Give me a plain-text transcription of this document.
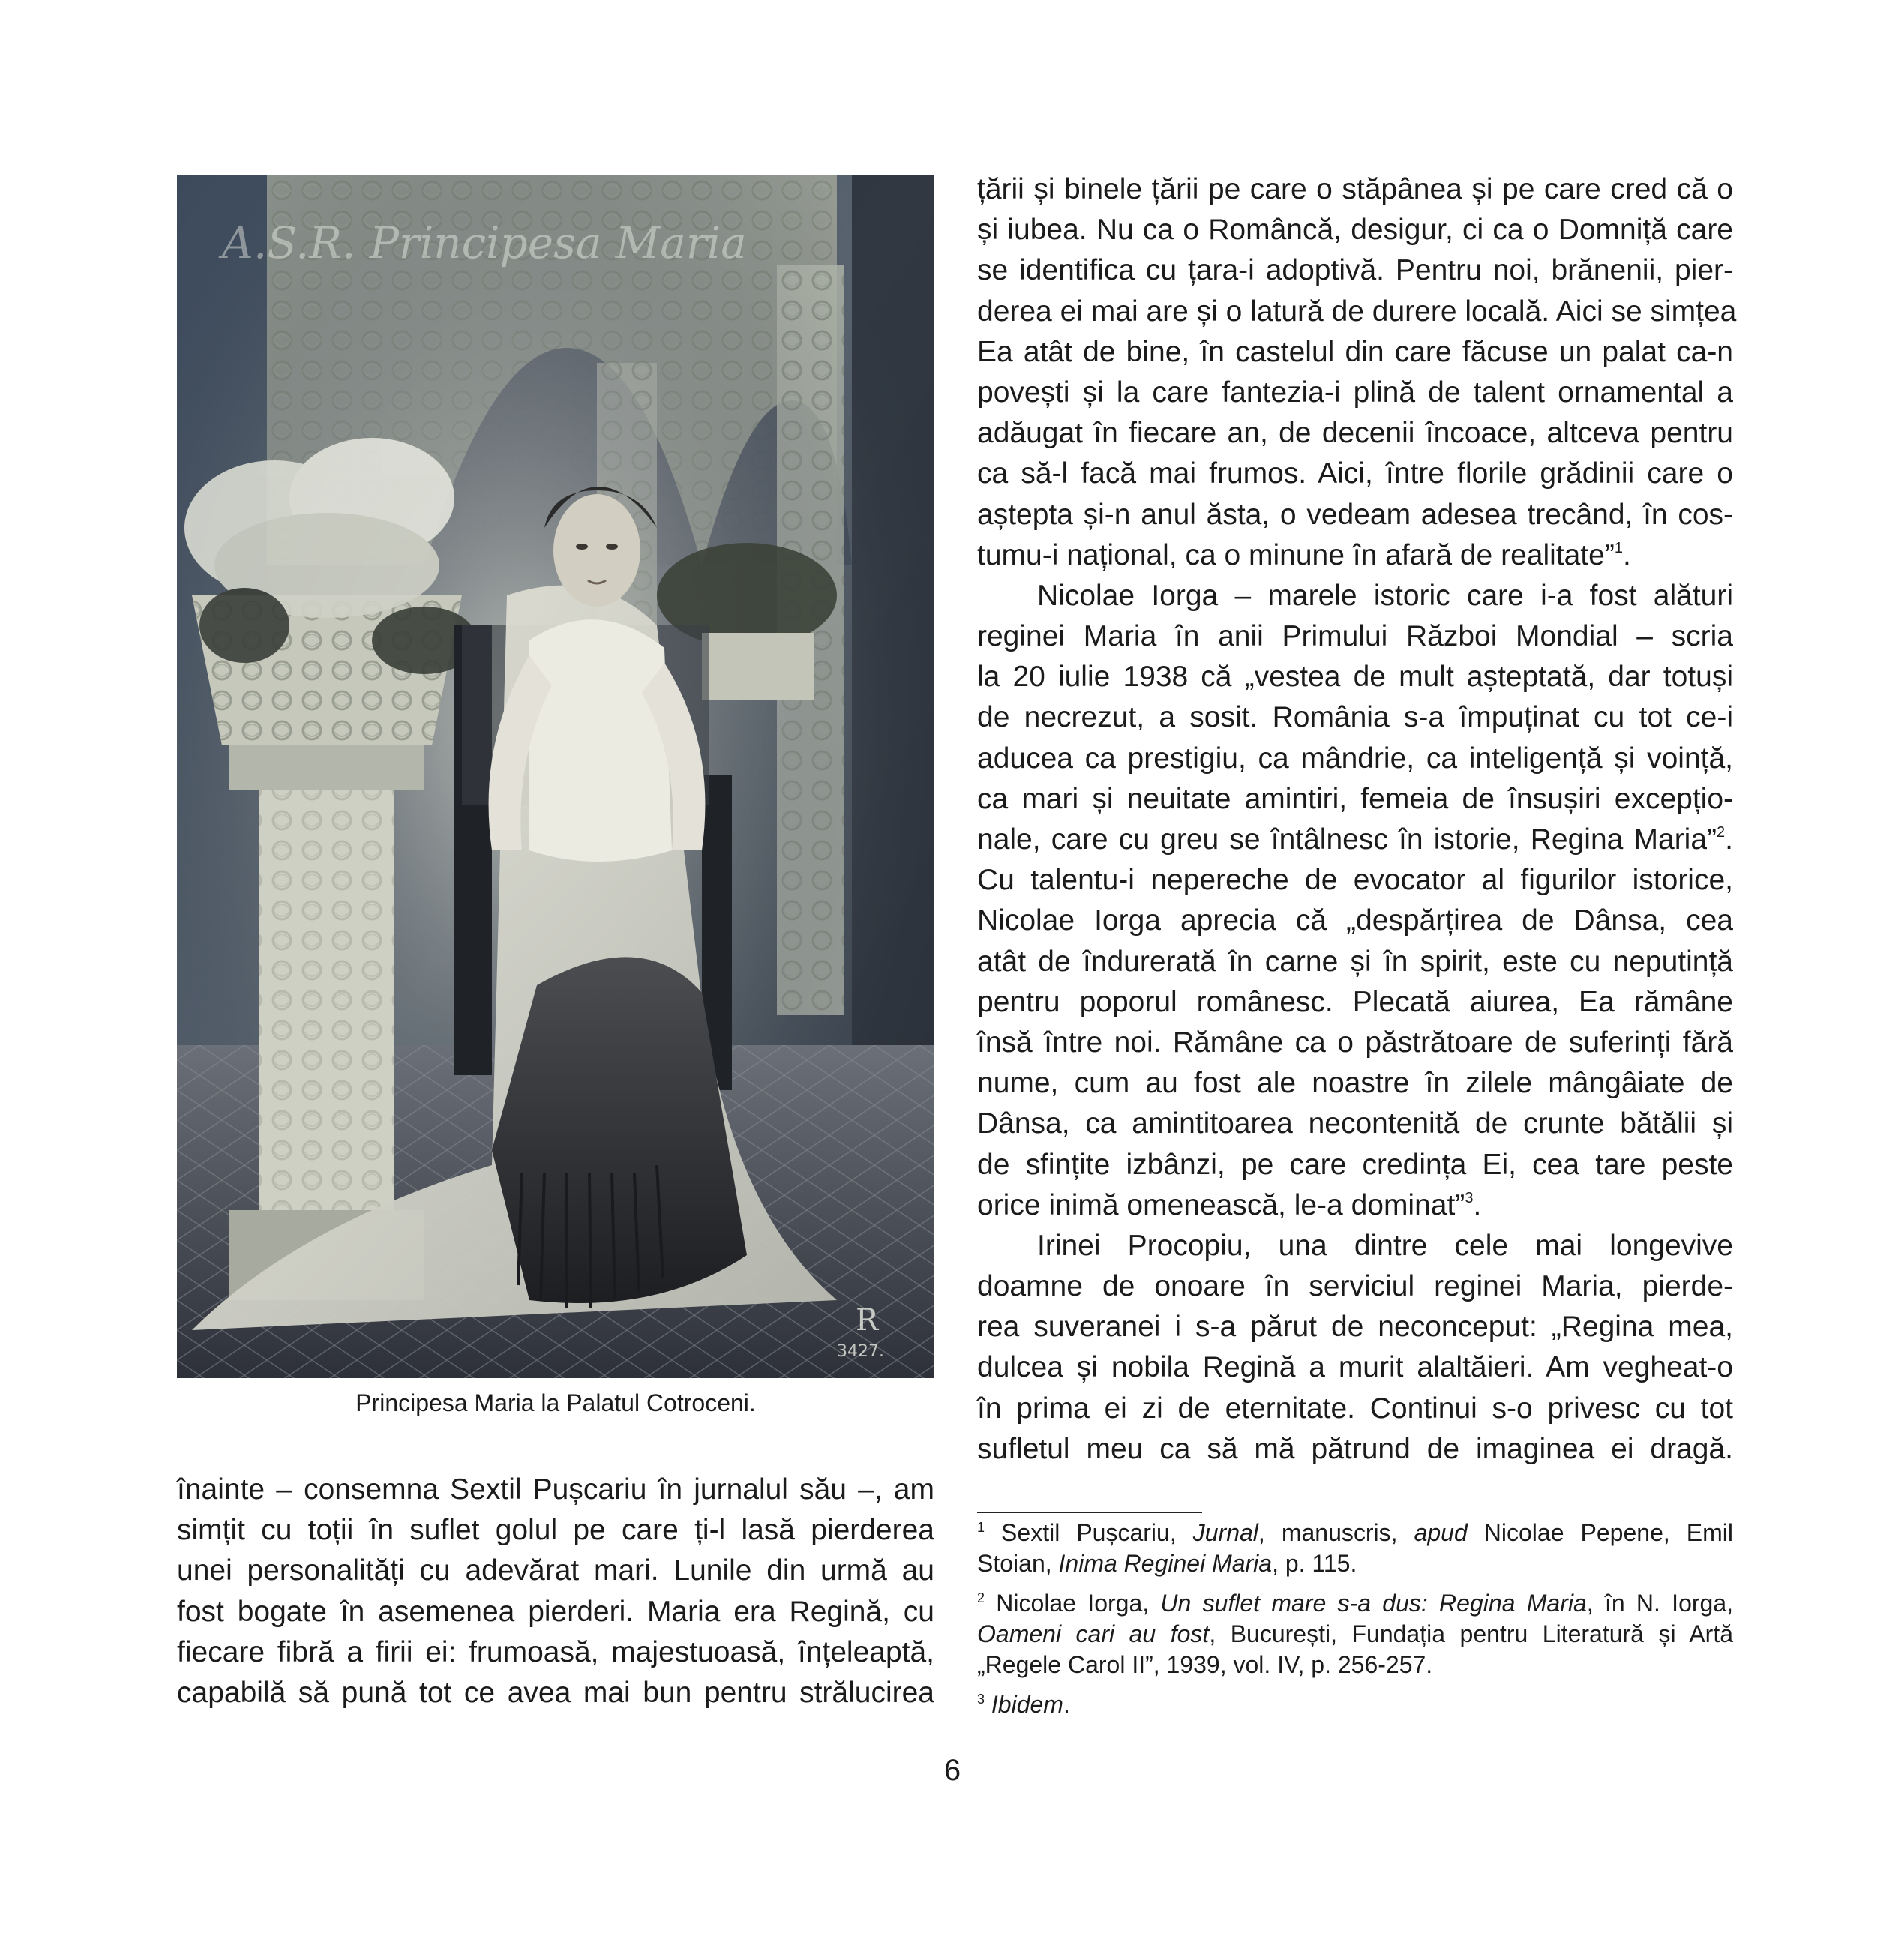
A.S.R. Principesa Maria
R
3427.

Principesa Maria la Palatul Cotroceni.

înainte – consemna Sextil Pușcariu în jurnalul său –, am
simțit cu toții în suflet golul pe care ți-l lasă pierderea
unei personalități cu adevărat mari. Lunile din urmă au
fost bogate în asemenea pierderi. Maria era Regină, cu
fiecare fibră a firii ei: frumoasă, majestuoasă, înțeleaptă,
capabilă să pună tot ce avea mai bun pentru strălucirea
țării și binele țării pe care o stăpânea și pe care cred că o
și iubea. Nu ca o Româncă, desigur, ci ca o Domniță care
se identifica cu țara-i adoptivă. Pentru noi, brănenii, pier-
derea ei mai are și o latură de durere locală. Aici se simțea
Ea atât de bine, în castelul din care făcuse un palat ca-n
povești și la care fantezia-i plină de talent ornamental a
adăugat în fiecare an, de decenii încoace, altceva pentru
ca să-l facă mai frumos. Aici, între florile grădinii care o
aștepta și-n anul ăsta, o vedeam adesea trecând, în cos-
tumu-i național, ca o minune în afară de realitate”$^1$.
Nicolae Iorga – marele istoric care i-a fost alături
reginei Maria în anii Primului Război Mondial – scria
la 20 iulie 1938 că „vestea de mult așteptată, dar totuși
de necrezut, a sosit. România s-a împuținat cu tot ce-i
aducea ca prestigiu, ca mândrie, ca inteligență și voință,
ca mari și neuitate amintiri, femeia de însușiri excepțio-
nale, care cu greu se întâlnesc în istorie, Regina Maria”$^2$.
Cu talentu-i nepereche de evocator al figurilor istorice,
Nicolae Iorga aprecia că „despărțirea de Dânsa, cea
atât de îndurerată în carne și în spirit, este cu neputință
pentru poporul românesc. Plecată aiurea, Ea rămâne
însă între noi. Rămâne ca o păstrătoare de suferinți fără
nume, cum au fost ale noastre în zilele mângâiate de
Dânsa, ca amintitoarea necontenită de crunte bătălii și
de sfințite izbânzi, pe care credința Ei, cea tare peste
orice inimă omenească, le-a dominat”$^3$.
Irinei Procopiu, una dintre cele mai longevive
doamne de onoare în serviciul reginei Maria, pierde-
rea suveranei i s-a părut de neconceput: „Regina mea,
dulcea și nobila Regină a murit alaltăieri. Am vegheat-o
în prima ei zi de eternitate. Continui s-o privesc cu tot
sufletul meu ca să mă pătrund de imaginea ei dragă.
$^1$ Sextil Pușcariu, Jurnal, manuscris, apud Nicolae Pepene, Emil
Stoian, Inima Reginei Maria, p. 115.
$^2$ Nicolae Iorga, Un suflet mare s-a dus: Regina Maria, în N. Iorga,
Oameni cari au fost, București, Fundația pentru Literatură și Artă
„Regele Carol II”, 1939, vol. IV, p. 256-257.
$^3$ Ibidem.
6
